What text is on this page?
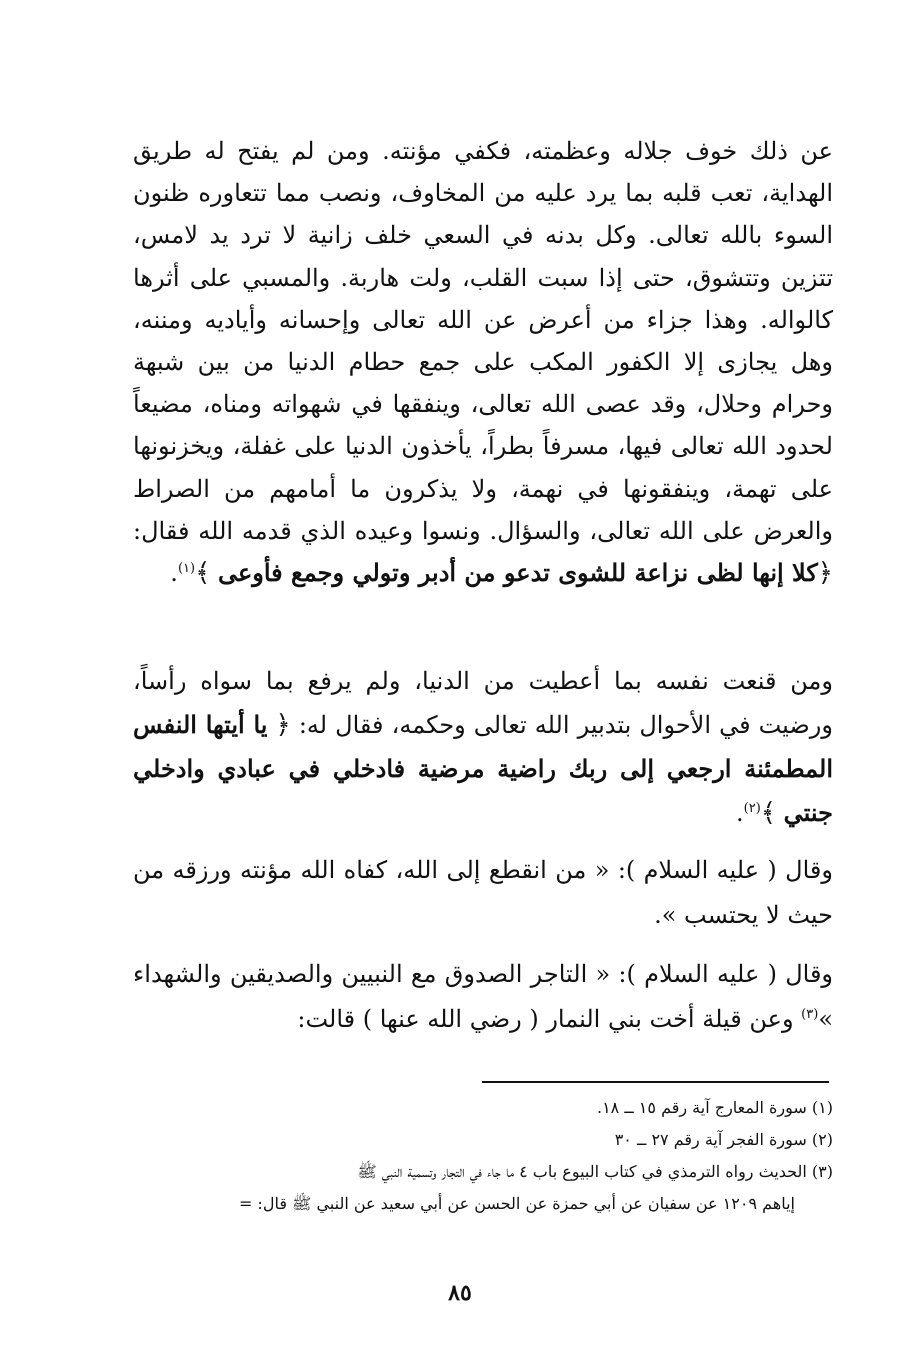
عن ذلك خوف جلاله وعظمته، فكفي مؤنته. ومن لم يفتح له طريق الهداية، تعب قلبه بما يرد عليه من المخاوف، ونصب مما تتعاوره ظنون السوء بالله تعالى. وكل بدنه في السعي خلف زانية لا ترد يد لامس، تتزين وتتشوق، حتى إذا سبت القلب، ولت هاربة. والمسبي على أثرها كالواله. وهذا جزاء من أعرض عن الله تعالى وإحسانه وأياديه ومننه، وهل يجازى إلا الكفور المكب على جمع حطام الدنيا من بين شبهة وحرام وحلال، وقد عصى الله تعالى، وينفقها في شهواته ومناه، مضيعاً لحدود الله تعالى فيها، مسرفاً بطراً، يأخذون الدنيا على غفلة، ويخزنونها على تهمة، وينفقونها في نهمة، ولا يذكرون ما أمامهم من الصراط والعرض على الله تعالى، والسؤال. ونسوا وعيده الذي قدمه الله فقال: ﴿كلا إنها لظى نزاعة للشوى تدعو من أدبر وتولي وجمع فأوعى ﴾$^{(١)}$.
ومن قنعت نفسه بما أعطيت من الدنيا، ولم يرفع بما سواه رأساً، ورضيت في الأحوال بتدبير الله تعالى وحكمه، فقال له: ﴿ يا أيتها النفس المطمئنة ارجعي إلى ربك راضية مرضية فادخلي في عبادي وادخلي جنتي ﴾$^{(٢)}$.
وقال ( عليه السلام ): « من انقطع إلى الله، كفاه الله مؤنته ورزقه من حيث لا يحتسب ».
وقال ( عليه السلام ): « التاجر الصدوق مع النبيين والصديقين والشهداء »$^{(٣)}$ وعن قيلة أخت بني النمار ( رضي الله عنها ) قالت:
(١) سورة المعارج آية رقم ١٥ ــ ١٨.
(٢) سورة الفجر آية رقم ٢٧ ــ ٣٠
(٣) الحديث رواه الترمذي في كتاب البيوع باب ٤ ما جاء في التجار وتسمية النبي ﷺ
إياهم ١٢٠٩ عن سفيان عن أبي حمزة عن الحسن عن أبي سعيد عن النبي ﷺ قال: =
٨٥
